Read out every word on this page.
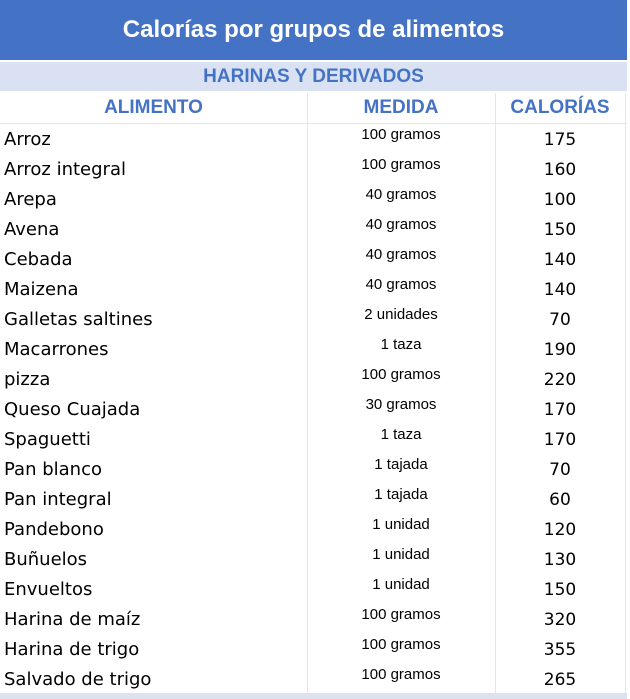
Calorías por grupos de alimentos
HARINAS Y DERIVADOS
ALIMENTO	MEDIDA	CALORÍAS
Arroz	100 gramos	175
Arroz integral	100 gramos	160
Arepa	40 gramos	100
Avena	40 gramos	150
Cebada	40 gramos	140
Maizena	40 gramos	140
Galletas saltines	2 unidades	70
Macarrones	1 taza	190
pizza	100 gramos	220
Queso Cuajada	30 gramos	170
Spaguetti	1 taza	170
Pan blanco	1 tajada	70
Pan integral	1 tajada	60
Pandebono	1 unidad	120
Buñuelos	1 unidad	130
Envueltos	1 unidad	150
Harina de maíz	100 gramos	320
Harina de trigo	100 gramos	355
Salvado de trigo	100 gramos	265
